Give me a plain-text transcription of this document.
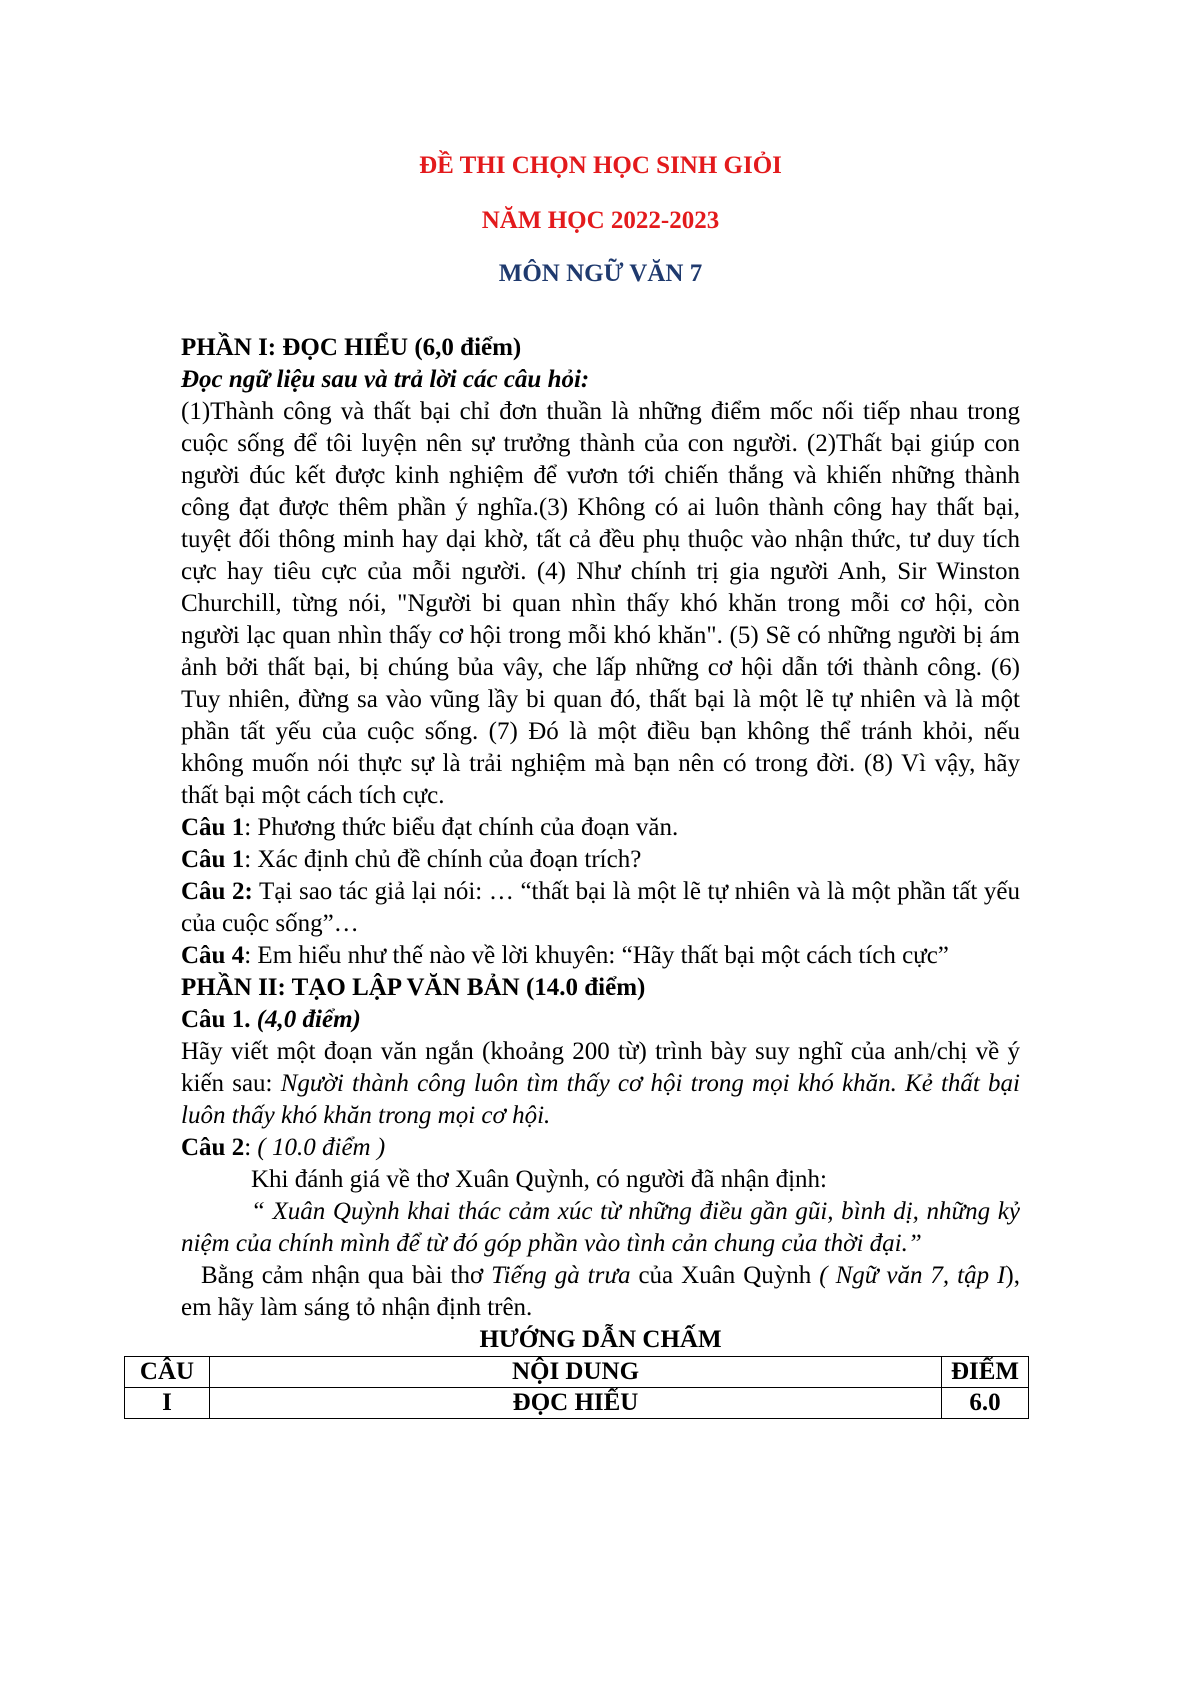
ĐỀ THI CHỌN HỌC SINH GIỎI

NĂM HỌC 2022-2023

MÔN NGỮ VĂN 7

PHẦN I: ĐỌC HIỂU (6,0 điểm)

Đọc ngữ liệu sau và trả lời các câu hỏi:

(1)Thành công và thất bại chỉ đơn thuần là những điểm mốc nối tiếp nhau trong cuộc sống để tôi luyện nên sự trưởng thành của con người. (2)Thất bại giúp con người đúc kết được kinh nghiệm để vươn tới chiến thắng và khiến những thành công đạt được thêm phần ý nghĩa.(3) Không có ai luôn thành công hay thất bại, tuyệt đối thông minh hay dại khờ, tất cả đều phụ thuộc vào nhận thức, tư duy tích cực hay tiêu cực của mỗi người. (4) Như chính trị gia người Anh, Sir Winston Churchill, từng nói, "Người bi quan nhìn thấy khó khăn trong mỗi cơ hội, còn người lạc quan nhìn thấy cơ hội trong mỗi khó khăn". (5) Sẽ có những người bị ám ảnh bởi thất bại, bị chúng bủa vây, che lấp những cơ hội dẫn tới thành công. (6) Tuy nhiên, đừng sa vào vũng lầy bi quan đó, thất bại là một lẽ tự nhiên và là một phần tất yếu của cuộc sống. (7) Đó là một điều bạn không thể tránh khỏi, nếu không muốn nói thực sự là trải nghiệm mà bạn nên có trong đời. (8) Vì vậy, hãy thất bại một cách tích cực.

Câu 1: Phương thức biểu đạt chính của đoạn văn.

Câu 1: Xác định chủ đề chính của đoạn trích?

Câu 2: Tại sao tác giả lại nói: … “thất bại là một lẽ tự nhiên và là một phần tất yếu của cuộc sống”…

Câu 4: Em hiểu như thế nào về lời khuyên: “Hãy thất bại một cách tích cực”

PHẦN II: TẠO LẬP VĂN BẢN (14.0 điểm)

Câu 1. (4,0 điểm)

Hãy viết một đoạn văn ngắn (khoảng 200 từ) trình bày suy nghĩ của anh/chị về ý kiến sau: Người thành công luôn tìm thấy cơ hội trong mọi khó khăn. Kẻ thất bại luôn thấy khó khăn trong mọi cơ hội.

Câu 2: ( 10.0 điểm )

Khi đánh giá về thơ Xuân Quỳnh, có người đã nhận định:

“ Xuân Quỳnh khai thác cảm xúc từ những điều gần gũi, bình dị, những kỷ niệm của chính mình để từ đó góp phần vào tình cản chung của thời đại.”

Bằng cảm nhận qua bài thơ Tiếng gà trưa của Xuân Quỳnh ( Ngữ văn 7, tập I), em hãy làm sáng tỏ nhận định trên.

HƯỚNG DẪN CHẤM

CÂU	NỘI DUNG	ĐIỂM
I	ĐỌC HIỂU	6.0
